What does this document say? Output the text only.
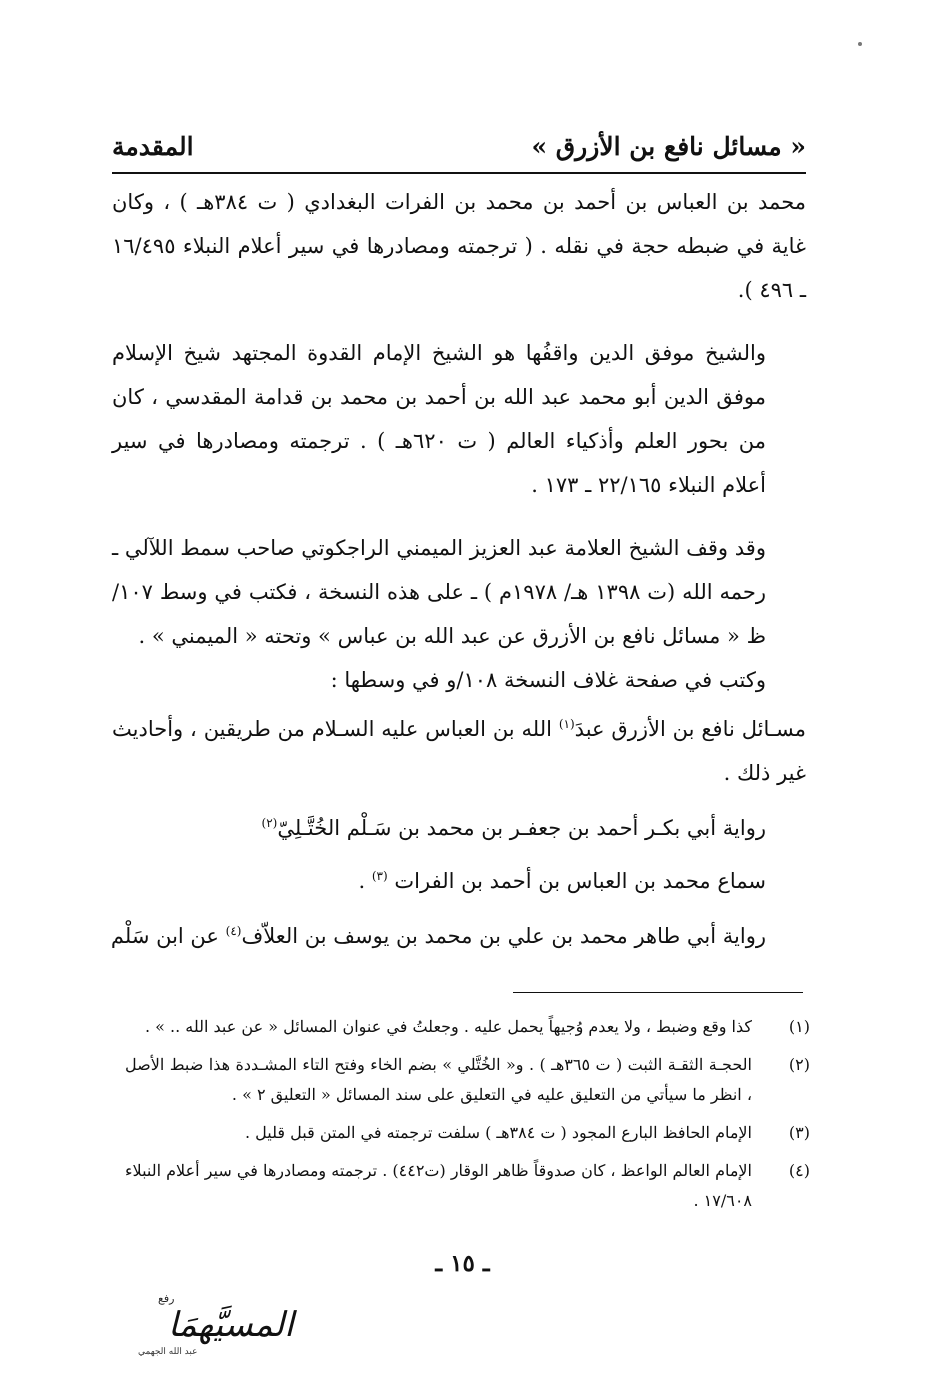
« مسائل نافع بن الأزرق »
المقدمة

محمد بن العباس بن أحمد بن محمد بن الفرات البغدادي ( ت ٣٨٤هـ ) ، وكان غاية في ضبطه حجة في نقله . ( ترجمته ومصادرها في سير أعلام النبلاء ١٦/٤٩٥ ـ ٤٩٦ ).

والشيخ موفق الدين واقفُها هو الشيخ الإمام القدوة المجتهد شيخ الإسلام موفق الدين أبو محمد عبد الله بن أحمد بن محمد بن قدامة المقدسي ، كان من بحور العلم وأذكياء العالم ( ت ٦٢٠هـ ) . ترجمته ومصادرها في سير أعلام النبلاء ٢٢/١٦٥ ـ ١٧٣ .

وقد وقف الشيخ العلامة عبد العزيز الميمني الراجكوتي صاحب سمط اللآلي ـ رحمه الله (ت ١٣٩٨ هـ/ ١٩٧٨م ) ـ على هذه النسخة ، فكتب في وسط ١٠٧/ظ « مسائل نافع بن الأزرق عن عبد الله بن عباس » وتحته « الميمني » .

وكتب في صفحة غلاف النسخة ١٠٨/و في وسطها :

مسـائل نافع بن الأزرق عبدَ$^{(١)}$ الله بن العباس عليه السـلام من طريقين ، وأحاديث غير ذلك .

رواية أبي بكـر أحمد بن جعفـر بن محمد بن سَـلْم الخُتَّـلِيّ$^{(٢)}$
سماع محمد بن العباس بن أحمد بن الفرات $^{(٣)}$ .
رواية أبي طاهر محمد بن علي بن محمد بن يوسف بن العلاّف$^{(٤)}$ عن ابن سَلْم
(١)
كذا وقع وضبط ، ولا يعدم وُجيهاً يحمل عليه . وجعلتُ في عنوان المسائل « عن عبد الله .. » .
(٢)
الحجـة الثقـة الثبت ( ت ٣٦٥هـ ) . و« الخُتَّلي » بضم الخاء وفتح التاء المشـددة هذا ضبط الأصل ، انظر ما سيأتي من التعليق عليه في التعليق على سند المسائل « التعليق ٢ » .
(٣)
الإمام الحافظ البارع المجود ( ت ٣٨٤هـ ) سلفت ترجمته في المتن قبل قليل .
(٤)
الإمام العالم الواعظ ، كان صدوقاً ظاهر الوقار (ت٤٤٢) . ترجمته ومصادرها في سير أعلام النبلاء ١٧/٦٠٨ .
ـ ١٥ ـ
رفع
المسيَّهمَا
عبد الله الجهمي
